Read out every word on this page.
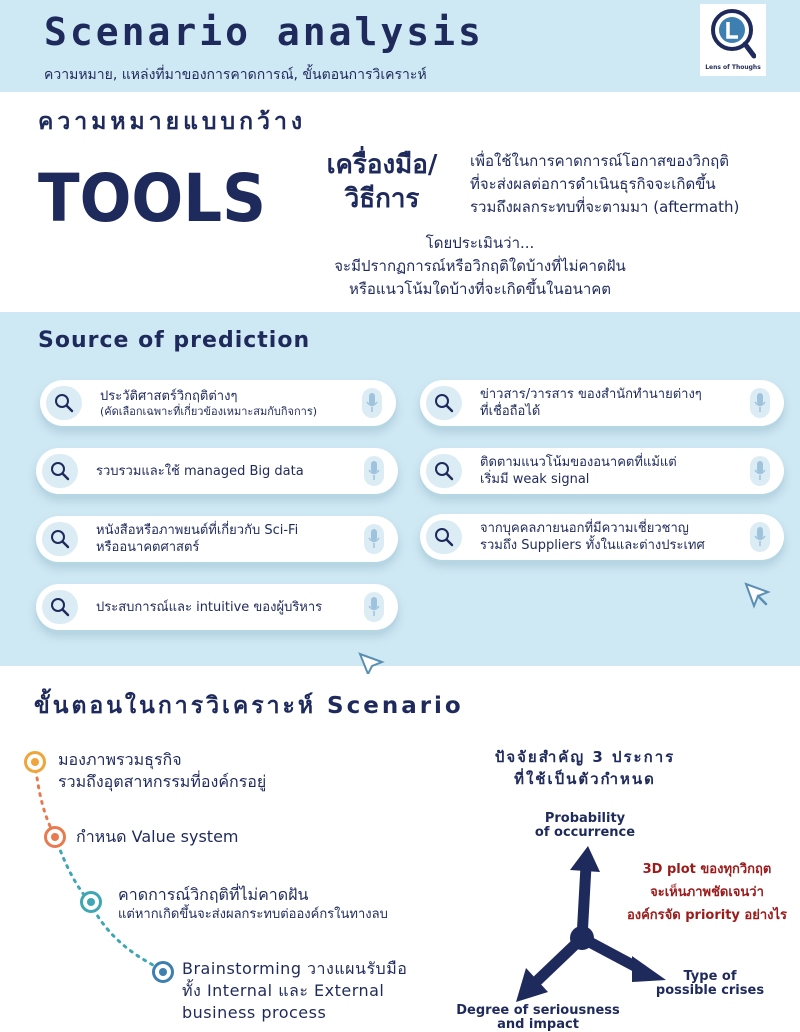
Scenario analysis
ความหมาย, แหล่งที่มาของการคาดการณ์, ขั้นตอนการวิเคราะห์	Lens of Thoughs
ความหมายแบบกว้าง
TOOLS	เครื่องมือ/
วิธีการ
เพื่อใช้ในการคาดการณ์โอกาสของวิกฤติ
ที่จะส่งผลต่อการดำเนินธุรกิจจะเกิดขึ้น
รวมถึงผลกระทบที่จะตามมา (aftermath)
โดยประเมินว่า...
จะมีปรากฏการณ์หรือวิกฤติใดบ้างที่ไม่คาดฝัน
หรือแนวโน้มใดบ้างที่จะเกิดขึ้นในอนาคต
Source of prediction
ประวัติศาสตร์วิกฤติต่างๆ
(คัดเลือกเฉพาะที่เกี่ยวข้องเหมาะสมกับกิจการ)
ข่าวสาร/วารสาร ของสำนักทำนายต่างๆ
ที่เชื่อถือได้
รวบรวมและใช้ managed Big data
ติดตามแนวโน้มของอนาคตที่แม้แต่
เริ่มมี weak signal
หนังสือหรือภาพยนต์ที่เกี่ยวกับ Sci-Fi
หรืออนาคตศาสตร์
จากบุคคลภายนอกที่มีความเชี่ยวชาญ
รวมถึง Suppliers ทั้งในและต่างประเทศ
ประสบการณ์และ intuitive ของผู้บริหาร
ขั้นตอนในการวิเคราะห์ Scenario
มองภาพรวมธุรกิจ
รวมถึงอุตสาหกรรมที่องค์กรอยู่
กำหนด Value system
คาดการณ์วิกฤติที่ไม่คาดฝัน
แต่หากเกิดขึ้นจะส่งผลกระทบต่อองค์กรในทางลบ
Brainstorming วางแผนรับมือ
ทั้ง Internal และ External
business process
ปัจจัยสำคัญ 3 ประการ
ที่ใช้เป็นตัวกำหนด
Probability
of occurrence
Type of
possible crises
Degree of seriousness
and impact
3D plot ของทุกวิกฤต
จะเห็นภาพชัดเจนว่า
องค์กรจัด priority อย่างไร
